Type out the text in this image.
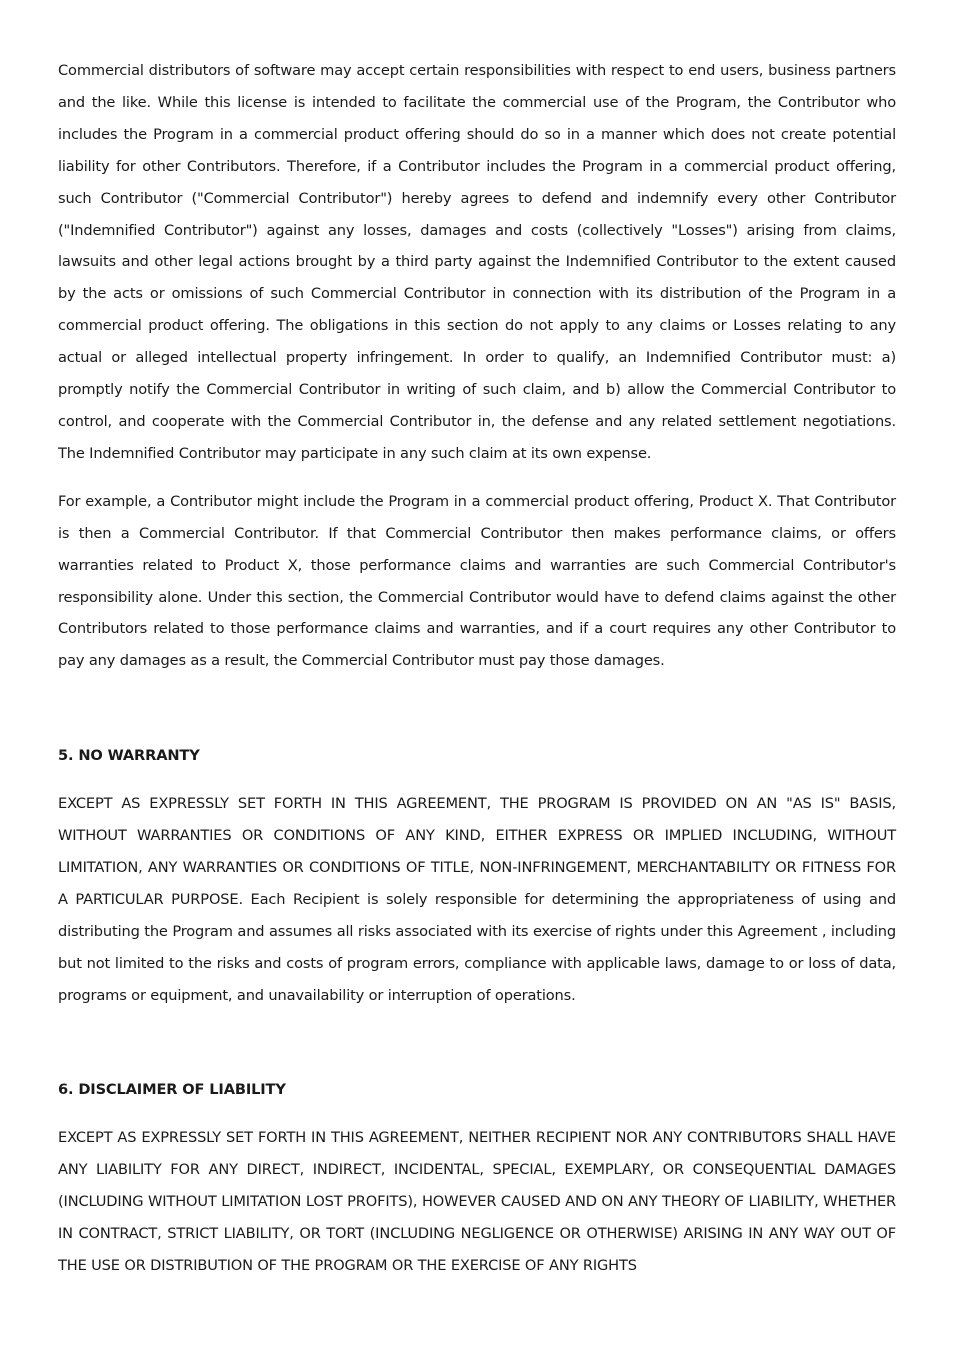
Commercial distributors of software may accept certain responsibilities with respect to end users, business partners and the like. While this license is intended to facilitate the commercial use of the Program, the Contributor who includes the Program in a commercial product offering should do so in a manner which does not create potential liability for other Contributors. Therefore, if a Contributor includes the Program in a commercial product offering, such Contributor ("Commercial Contributor") hereby agrees to defend and indemnify every other Contributor ("Indemnified Contributor") against any losses, damages and costs (collectively "Losses") arising from claims, lawsuits and other legal actions brought by a third party against the Indemnified Contributor to the extent caused by the acts or omissions of such Commercial Contributor in connection with its distribution of the Program in a commercial product offering. The obligations in this section do not apply to any claims or Losses relating to any actual or alleged intellectual property infringement. In order to qualify, an Indemnified Contributor must: a) promptly notify the Commercial Contributor in writing of such claim, and b) allow the Commercial Contributor to control, and cooperate with the Commercial Contributor in, the defense and any related settlement negotiations. The Indemnified Contributor may participate in any such claim at its own expense.

For example, a Contributor might include the Program in a commercial product offering, Product X. That Contributor is then a Commercial Contributor. If that Commercial Contributor then makes performance claims, or offers warranties related to Product X, those performance claims and warranties are such Commercial Contributor's responsibility alone. Under this section, the Commercial Contributor would have to defend claims against the other Contributors related to those performance claims and warranties, and if a court requires any other Contributor to pay any damages as a result, the Commercial Contributor must pay those damages.

5. NO WARRANTY

EXCEPT AS EXPRESSLY SET FORTH IN THIS AGREEMENT, THE PROGRAM IS PROVIDED ON AN "AS IS" BASIS, WITHOUT WARRANTIES OR CONDITIONS OF ANY KIND, EITHER EXPRESS OR IMPLIED INCLUDING, WITHOUT LIMITATION, ANY WARRANTIES OR CONDITIONS OF TITLE, NON-INFRINGEMENT, MERCHANTABILITY OR FITNESS FOR A PARTICULAR PURPOSE. Each Recipient is solely responsible for determining the appropriateness of using and distributing the Program and assumes all risks associated with its exercise of rights under this Agreement , including but not limited to the risks and costs of program errors, compliance with applicable laws, damage to or loss of data, programs or equipment, and unavailability or interruption of operations.

6. DISCLAIMER OF LIABILITY

EXCEPT AS EXPRESSLY SET FORTH IN THIS AGREEMENT, NEITHER RECIPIENT NOR ANY CONTRIBUTORS SHALL HAVE ANY LIABILITY FOR ANY DIRECT, INDIRECT, INCIDENTAL, SPECIAL, EXEMPLARY, OR CONSEQUENTIAL DAMAGES (INCLUDING WITHOUT LIMITATION LOST PROFITS), HOWEVER CAUSED AND ON ANY THEORY OF LIABILITY, WHETHER IN CONTRACT, STRICT LIABILITY, OR TORT (INCLUDING NEGLIGENCE OR OTHERWISE) ARISING IN ANY WAY OUT OF THE USE OR DISTRIBUTION OF THE PROGRAM OR THE EXERCISE OF ANY RIGHTS
